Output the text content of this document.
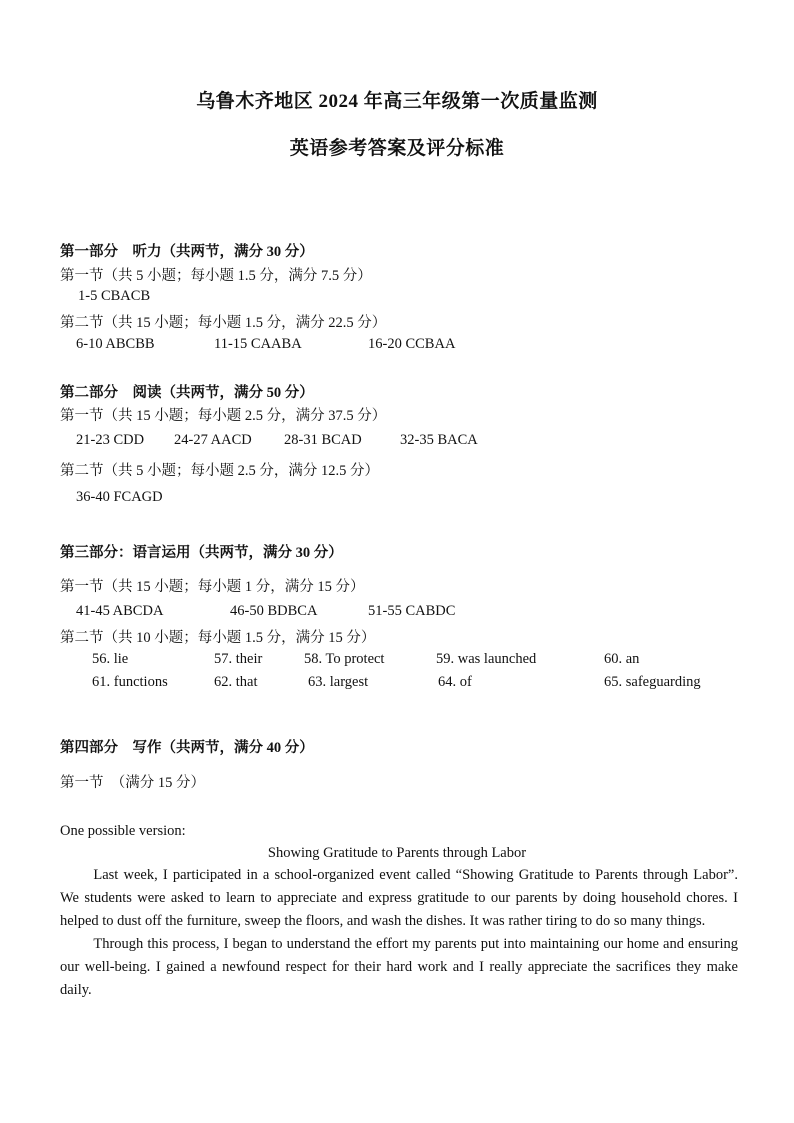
乌鲁木齐地区 2024 年高三年级第一次质量监测
英语参考答案及评分标准
第一部分　听力（共两节，满分 30 分）
第一节（共 5 小题；每小题 1.5 分，满分 7.5 分）
1-5 CBACB
第二节（共 15 小题；每小题 1.5 分，满分 22.5 分）
6-10 ABCBB	11-15 CAABA	16-20 CCBAA
第二部分　阅读（共两节，满分 50 分）
第一节（共 15 小题；每小题 2.5 分，满分 37.5 分）
21-23 CDD 24-27 AACD 28-31 BCAD	32-35 BACA
第二节（共 5 小题；每小题 2.5 分，满分 12.5 分）
36-40 FCAGD
第三部分：语言运用（共两节，满分 30 分）
第一节（共 15 小题；每小题 1 分，满分 15 分）
41-45 ABCDA	46-50 BDBCA	51-55 CABDC
第二节（共 10 小题；每小题 1.5 分，满分 15 分）
56. lie	57. their	58. To protect	59. was launched	60. an
61. functions	62. that	63. largest	64. of	65. safeguarding
第四部分　写作（共两节，满分 40 分）
第一节　（满分 15 分）
One possible version:
Showing Gratitude to Parents through Labor

Last week, I participated in a school-organized event called “Showing Gratitude to Parents through Labor”. We students were asked to learn to appreciate and express gratitude to our parents by doing household chores. I helped to dust off the furniture, sweep the floors, and wash the dishes. It was rather tiring to do so many things.

Through this process, I began to understand the effort my parents put into maintaining our home and ensuring our well-being. I gained a newfound respect for their hard work and I really appreciate the sacrifices they make daily.
